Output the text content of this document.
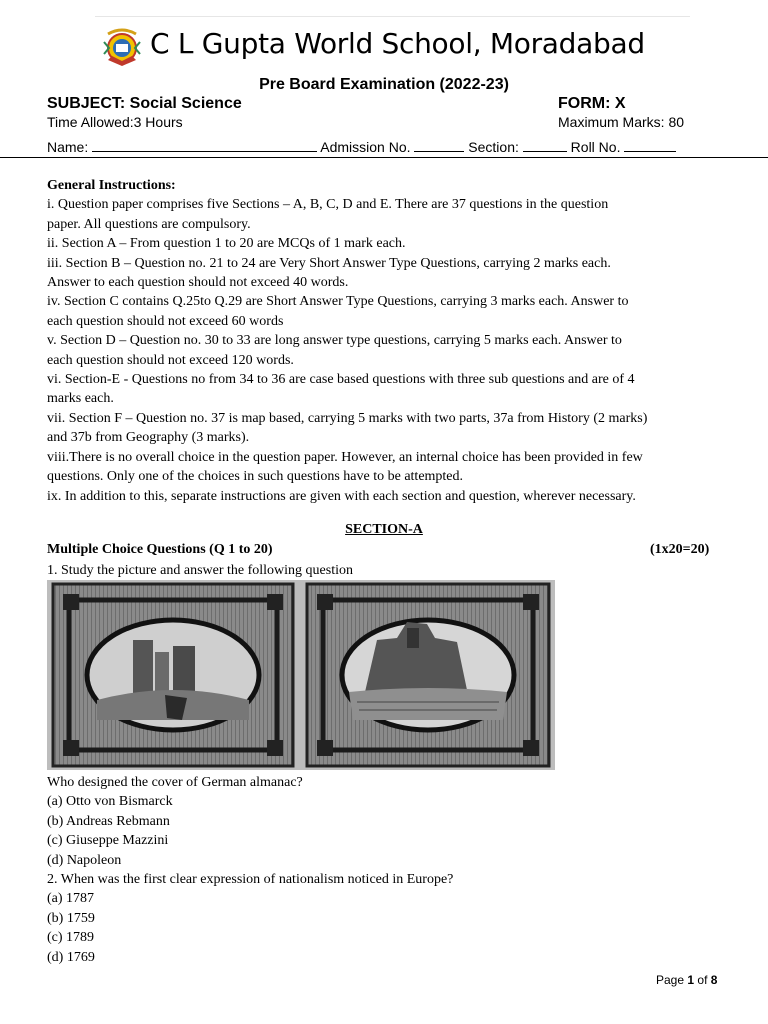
C L Gupta World School, Moradabad
Pre Board Examination (2022-23)
SUBJECT: Social Science	FORM: X
Time Allowed:3 Hours	Maximum Marks: 80
Name:	Admission No.	Section:	Roll No.

General Instructions:

i. Question paper comprises five Sections – A, B, C, D and E. There are 37 questions in the question

paper. All questions are compulsory.

ii. Section A – From question 1 to 20 are MCQs of 1 mark each.

iii. Section B – Question no. 21 to 24 are Very Short Answer Type Questions, carrying 2 marks each.

Answer to each question should not exceed 40 words.

iv. Section C contains Q.25to Q.29 are Short Answer Type Questions, carrying 3 marks each. Answer to

each question should not exceed 60 words

v. Section D – Question no. 30 to 33 are long answer type questions, carrying 5 marks each. Answer to

each question should not exceed 120 words.

vi. Section-E - Questions no from 34 to 36 are case based questions with three sub questions and are of 4

marks each.

vii. Section F – Question no. 37 is map based, carrying 5 marks with two parts, 37a from History (2 marks)

and 37b from Geography (3 marks).

viii.There is no overall choice in the question paper. However, an internal choice has been provided in few

questions. Only one of the choices in such questions have to be attempted.

ix. In addition to this, separate instructions are given with each section and question, wherever necessary.

SECTION-A
Multiple Choice Questions (Q 1 to 20)	(1x20=20)
1. Study the picture and answer the following question

Who designed the cover of German almanac?

(a) Otto von Bismarck

(b) Andreas Rebmann

(c) Giuseppe Mazzini

(d) Napoleon

2. When was the first clear expression of nationalism noticed in Europe?

(a) 1787

(b) 1759

(c) 1789

(d) 1769

Page 1 of 8
